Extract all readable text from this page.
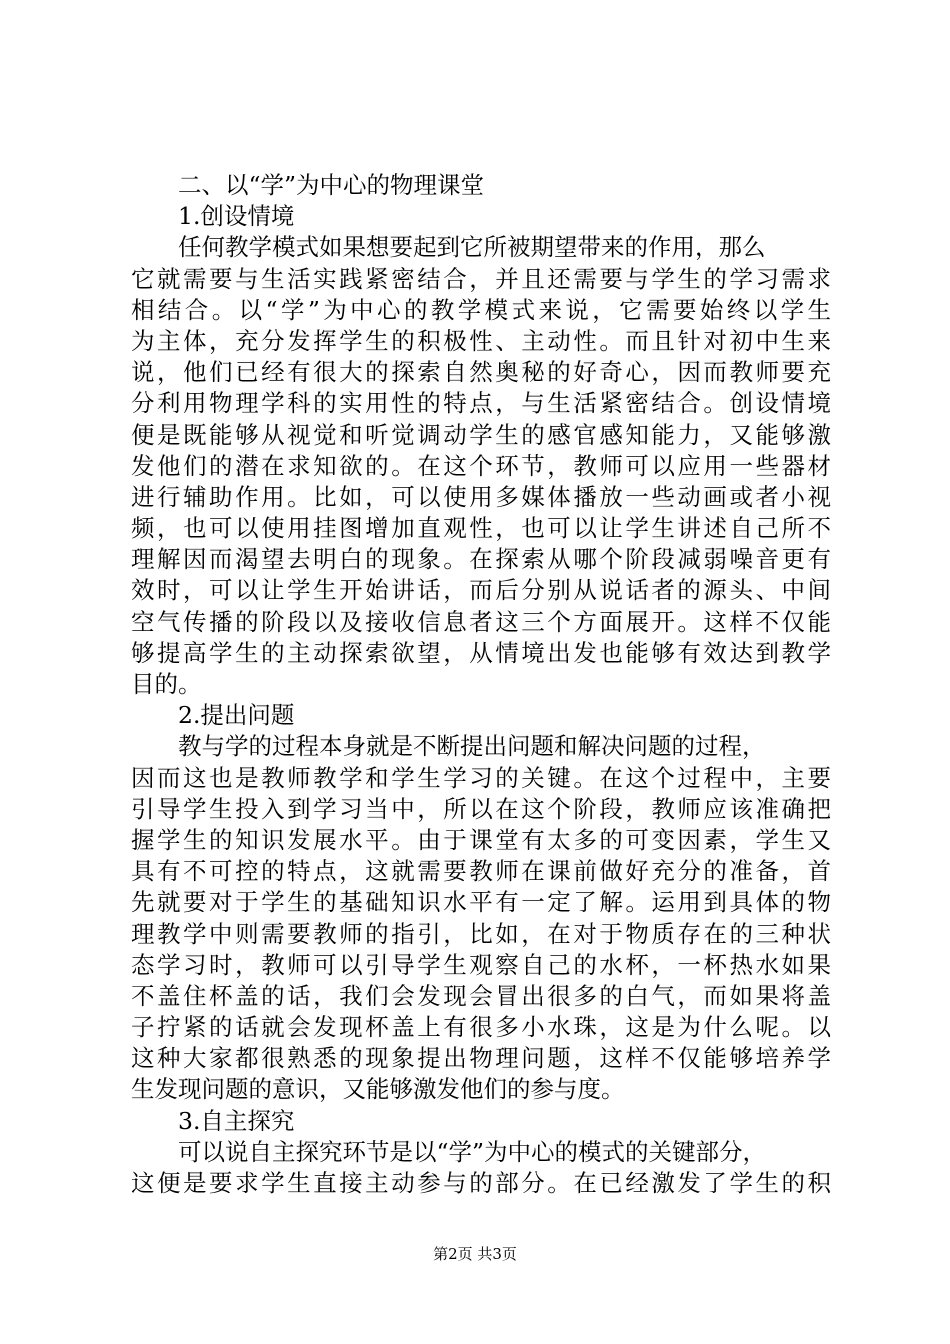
二、以“学”为中心的物理课堂
1.创设情境
任何教学模式如果想要起到它所被期望带来的作用，那么
它就需要与生活实践紧密结合，并且还需要与学生的学习需求
相结合。以“学”为中心的教学模式来说，它需要始终以学生
为主体，充分发挥学生的积极性、主动性。而且针对初中生来
说，他们已经有很大的探索自然奥秘的好奇心，因而教师要充
分利用物理学科的实用性的特点，与生活紧密结合。创设情境
便是既能够从视觉和听觉调动学生的感官感知能力，又能够激
发他们的潜在求知欲的。在这个环节，教师可以应用一些器材
进行辅助作用。比如，可以使用多媒体播放一些动画或者小视
频，也可以使用挂图增加直观性，也可以让学生讲述自己所不
理解因而渴望去明白的现象。在探索从哪个阶段减弱噪音更有
效时，可以让学生开始讲话，而后分别从说话者的源头、中间
空气传播的阶段以及接收信息者这三个方面展开。这样不仅能
够提高学生的主动探索欲望，从情境出发也能够有效达到教学
目的。
2.提出问题
教与学的过程本身就是不断提出问题和解决问题的过程，
因而这也是教师教学和学生学习的关键。在这个过程中，主要
引导学生投入到学习当中，所以在这个阶段，教师应该准确把
握学生的知识发展水平。由于课堂有太多的可变因素，学生又
具有不可控的特点，这就需要教师在课前做好充分的准备，首
先就要对于学生的基础知识水平有一定了解。运用到具体的物
理教学中则需要教师的指引，比如，在对于物质存在的三种状
态学习时，教师可以引导学生观察自己的水杯，一杯热水如果
不盖住杯盖的话，我们会发现会冒出很多的白气，而如果将盖
子拧紧的话就会发现杯盖上有很多小水珠，这是为什么呢。以
这种大家都很熟悉的现象提出物理问题，这样不仅能够培养学
生发现问题的意识，又能够激发他们的参与度。
3.自主探究
可以说自主探究环节是以“学”为中心的模式的关键部分，
这便是要求学生直接主动参与的部分。在已经激发了学生的积
第2页 共3页
